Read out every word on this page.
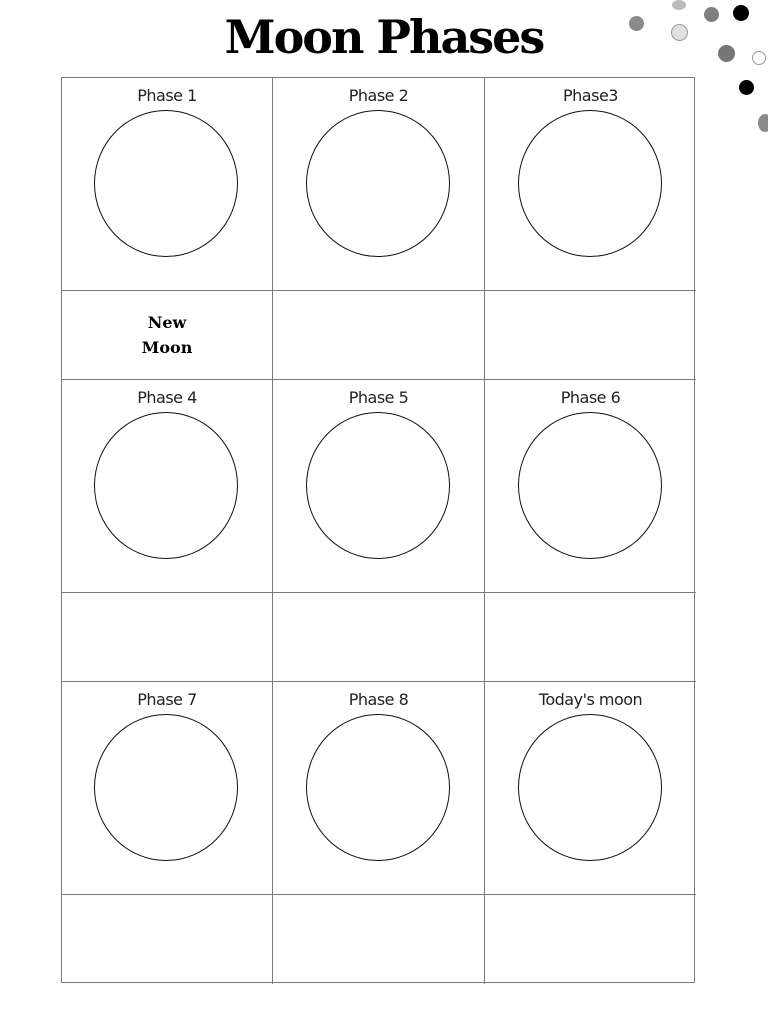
Moon Phases
Phase 1	Phase 2	Phase3
New
Moon
Phase 4	Phase 5	Phase 6
Phase 7	Phase 8	Today's moon
